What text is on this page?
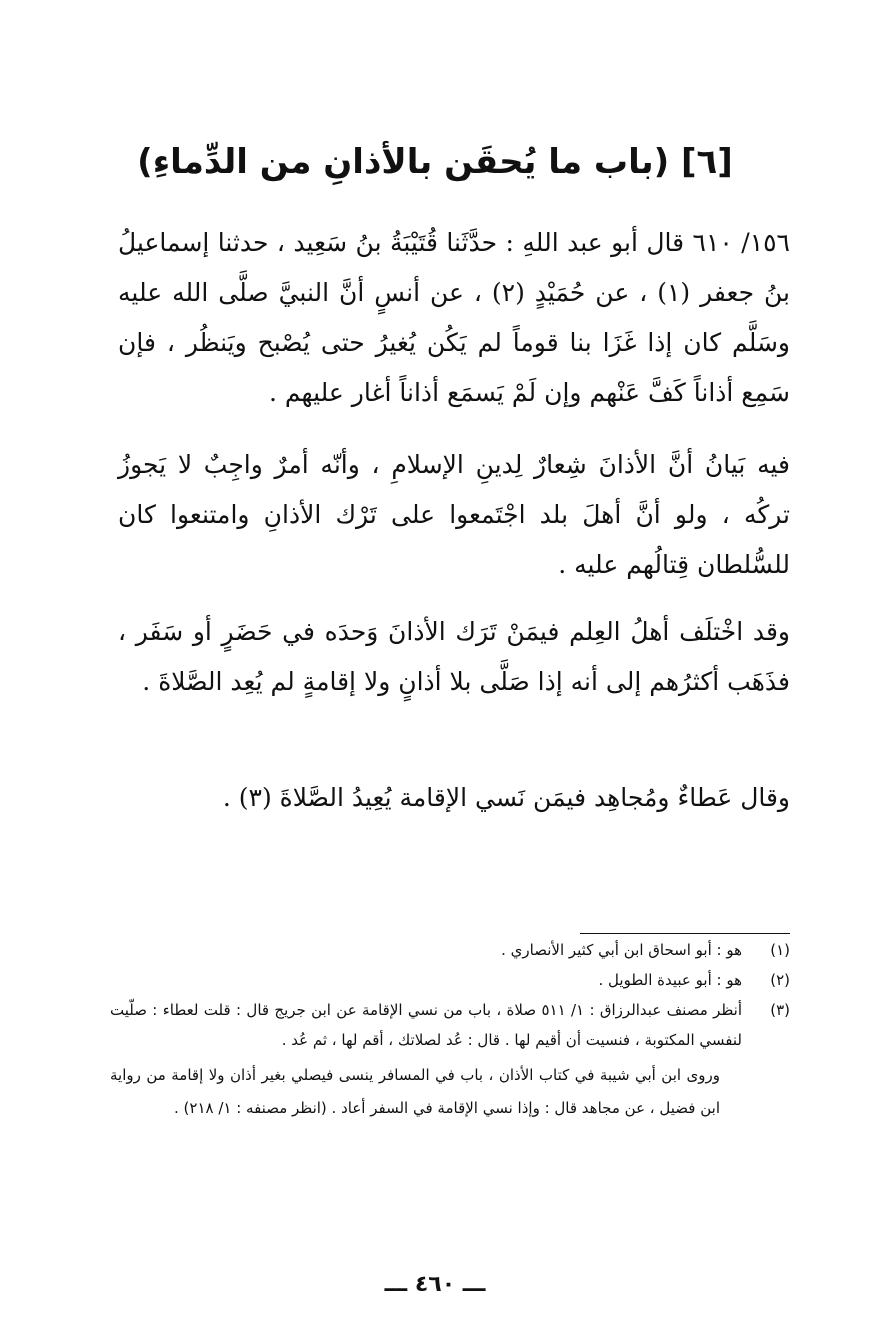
[٦] (باب ما يُحقَن بالأذانِ من الدِّماءِ)
١٥٦/ ٦١٠ قال أبو عبد اللهِ : حدَّثَنا قُتَيْبَةُ بنُ سَعِيد ، حدثنا إسماعيلُ بنُ جعفر (١) ، عن حُمَيْدٍ (٢) ، عن أنسٍ أنَّ النبيَّ صلَّى الله عليه وسَلَّم كان إذا غَزَا بنا قوماً لم يَكُن يُغيرُ حتى يُصْبح ويَنظُر ، فإن سَمِع أذاناً كَفَّ عَنْهم وإن لَمْ يَسمَع أذاناً أغار عليهم .
فيه بَيانُ أنَّ الأذانَ شِعارٌ لِدينِ الإسلامِ ، وأنّه أمرٌ واجِبٌ لا يَجوزُ تركُه ، ولو أنَّ أهلَ بلد اجْتَمعوا على تَرْك الأذانِ وامتنعوا كان للسُّلطان قِتالُهم عليه .
وقد اخْتلَف أهلُ العِلم فيمَنْ تَرَك الأذانَ وَحدَه في حَضَرٍ أو سَفَر ، فذَهَب أكثرُهم إلى أنه إذا صَلَّى بلا أذانٍ ولا إقامةٍ لم يُعِد الصَّلاةَ .
وقال عَطاءٌ ومُجاهِد فيمَن نَسي الإقامة يُعِيدُ الصَّلاةَ (٣) .
(١)
هو : أبو اسحاق ابن أبي كثير الأنصاري .
(٢)
هو : أبو عبيدة الطويل .
(٣)
أنظر مصنف عبدالرزاق : ١/ ٥١١ صلاة ، باب من نسي الإقامة عن ابن جريج قال : قلت لعطاء : صلّيت لنفسي المكتوبة ، فنسيت أن أقيم لها . قال : عُد لصلاتك ، أقم لها ، ثم عُد .
وروى ابن أبي شيبة في كتاب الأذان ، باب في المسافر ينسى فيصلي بغير أذان ولا إقامة من رواية ابن فضيل ، عن مجاهد قال : وإذا نسي الإقامة في السفر أعاد . (انظر مصنفه : ١/ ٢١٨) .
ـــ ٤٦٠ ـــ
